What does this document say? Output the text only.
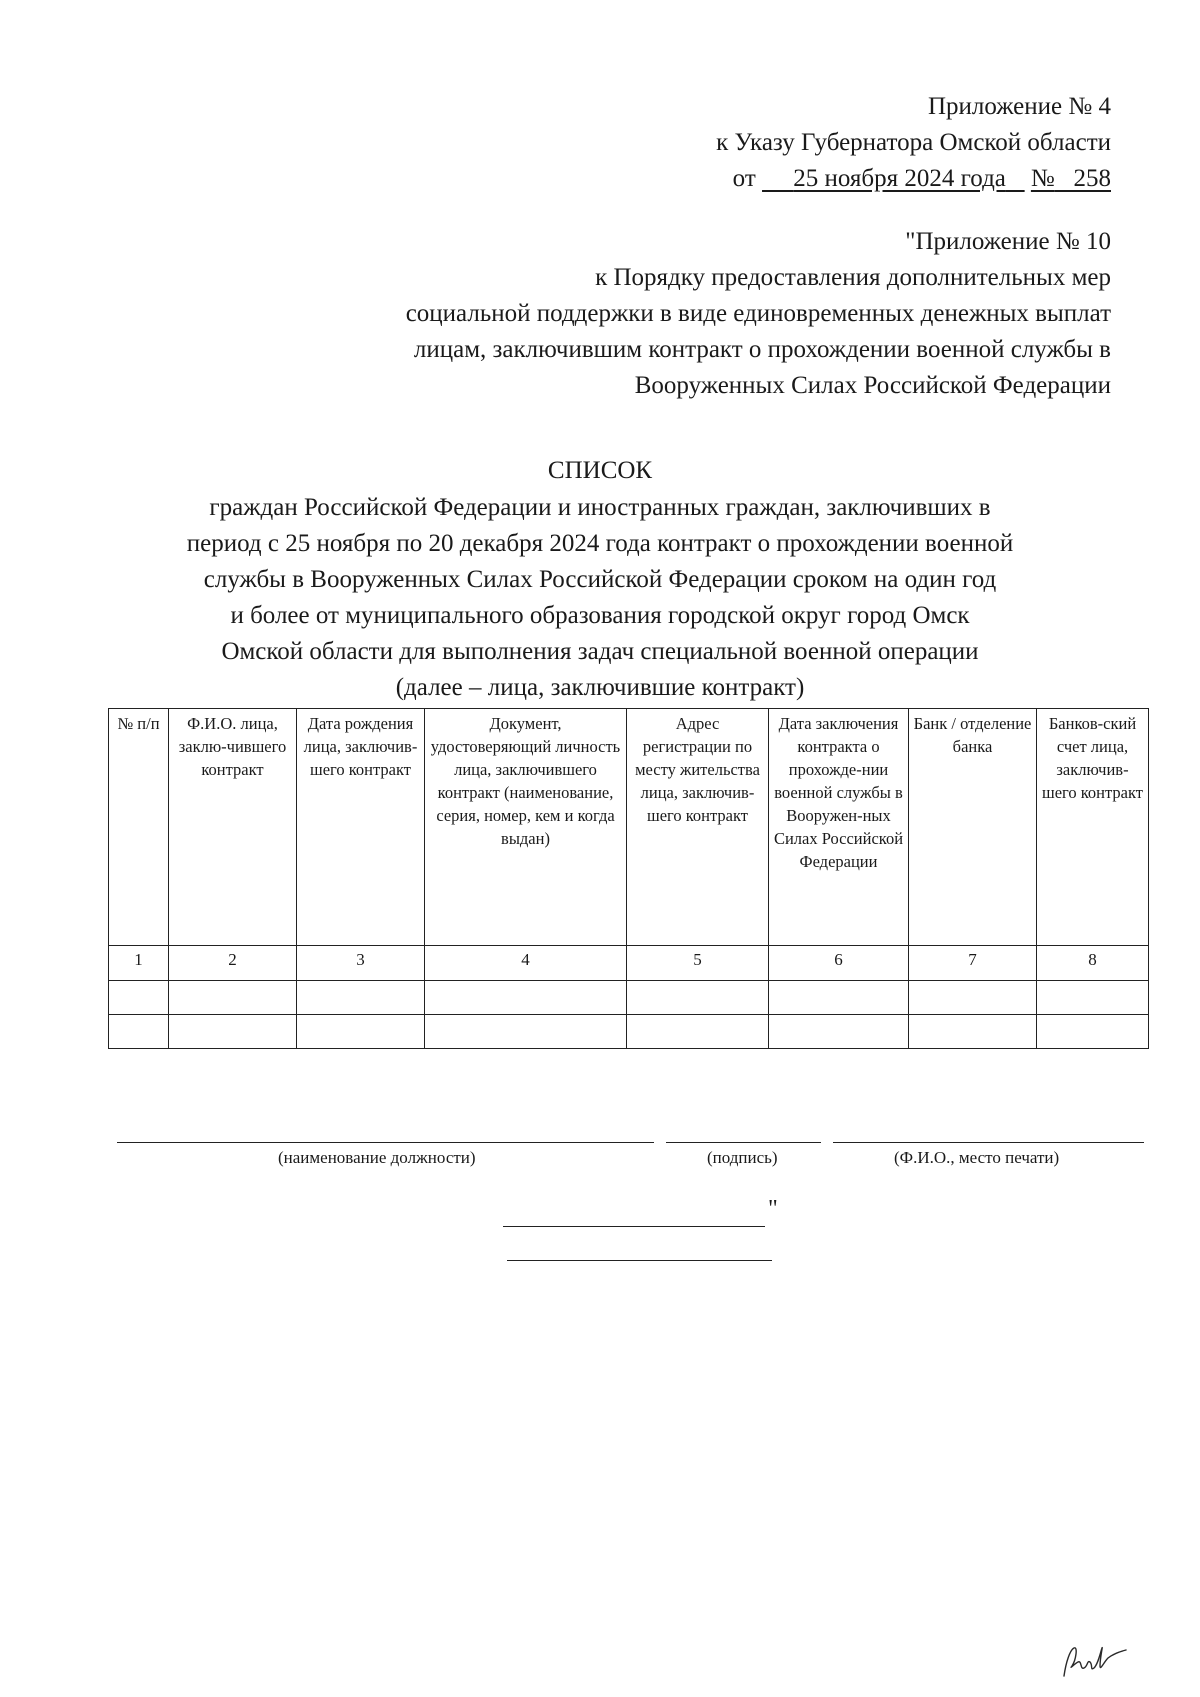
Приложение № 4
к Указу Губернатора Омской области
от 25 ноября 2024 года № 258
"Приложение № 10
к Порядку предоставления дополнительных мер
социальной поддержки в виде единовременных денежных выплат
лицам, заключившим контракт о прохождении военной службы в
Вооруженных Силах Российской Федерации
СПИСОК
граждан Российской Федерации и иностранных граждан, заключивших в
период с 25 ноября по 20 декабря 2024 года контракт о прохождении военной
службы в Вооруженных Силах Российской Федерации сроком на один год
и более от муниципального образования городской округ город Омск
Омской области для выполнения задач специальной военной операции
(далее – лица, заключившие контракт)
№ п/п	Ф.И.О. лица, заклю-чившего контракт	Дата рождения лица, заключив-шего контракт	Документ, удостоверяющий личность лица, заключившего контракт (наименование, серия, номер, кем и когда выдан)	Адрес регистрации по месту жительства лица, заключив-шего контракт	Дата заключения контракта о прохожде-нии военной службы в Вооружен-ных Силах Российской Федерации	Банк / отделение банка	Банков-ский счет лица, заключив-шего контракт
1	2	3	4	5	6	7	8

(наименование должности)	(подпись)	(Ф.И.О., место печати)
"
